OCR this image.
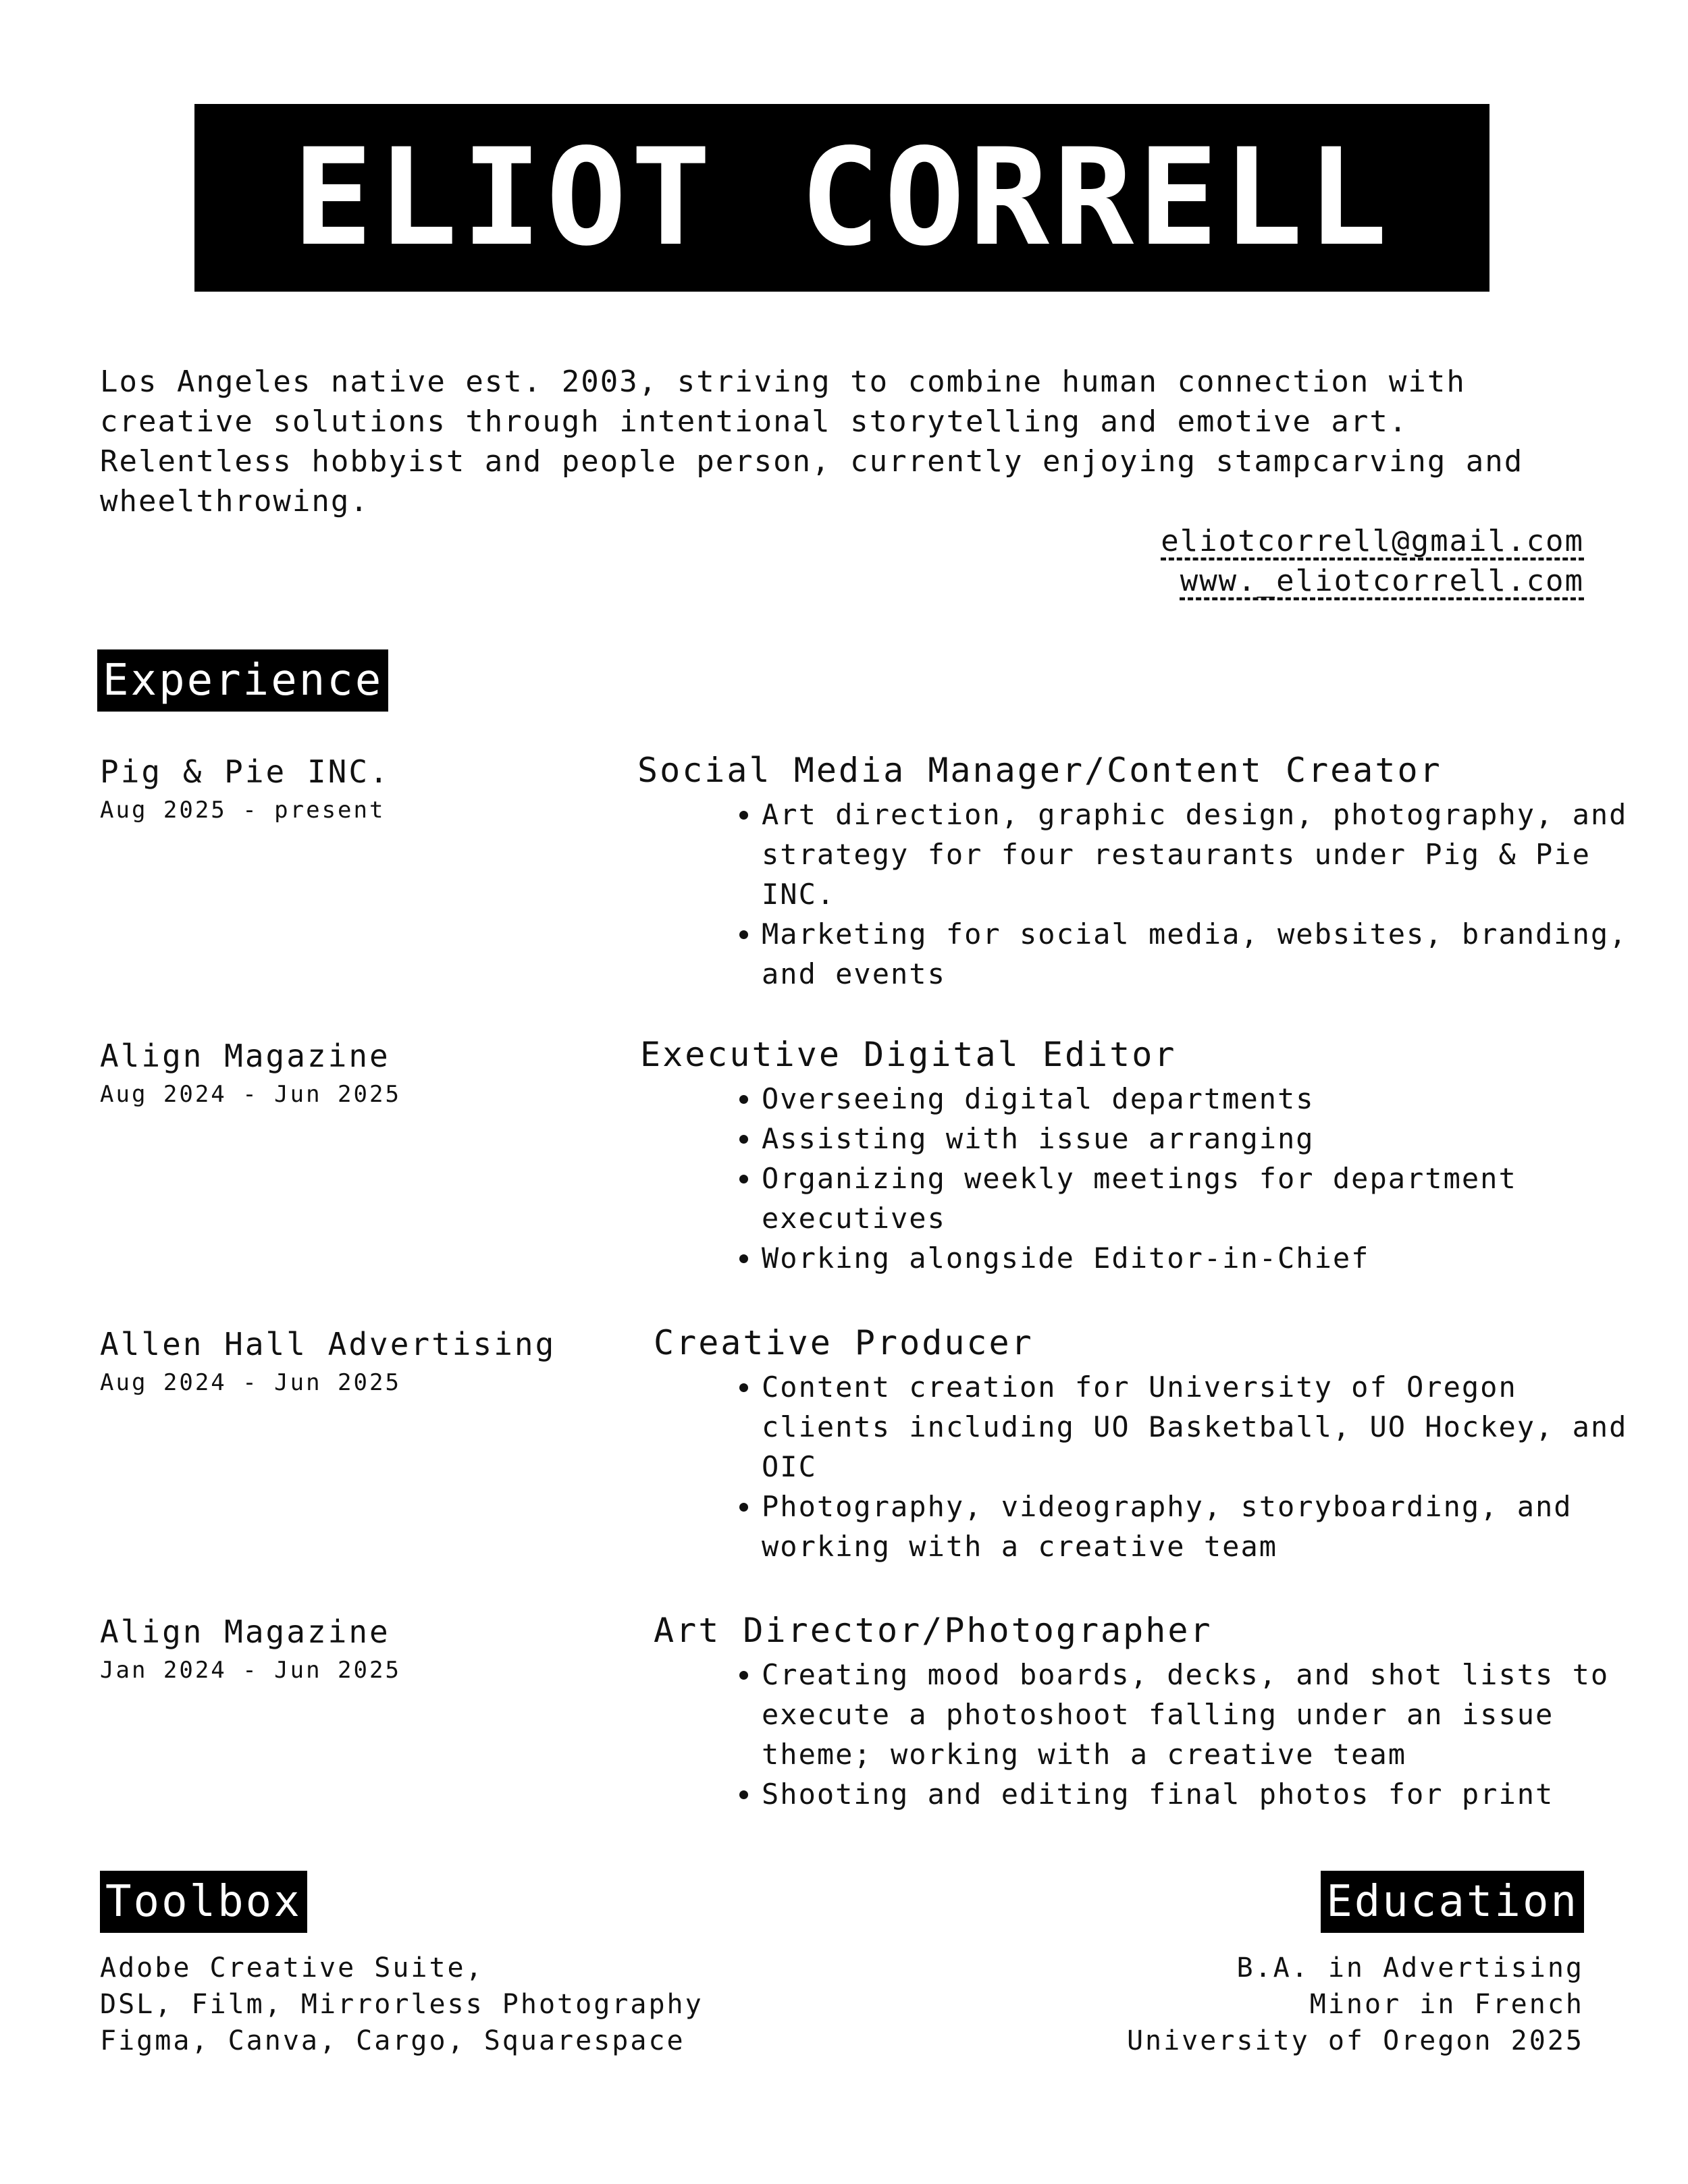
ELIOT CORRELL

Los Angeles native est. 2003, striving to combine human connection with creative solutions through intentional storytelling and emotive art. Relentless hobbyist and people person, currently enjoying stampcarving and wheelthrowing.

eliotcorrell@gmail.com
www._eliotcorrell.com
Experience
Pig & Pie INC.
Aug 2025 - present
Social Media Manager/Content Creator
• Art direction, graphic design, photography, and strategy for four restaurants under Pig & Pie INC.
• Marketing for social media, websites, branding, and events
Align Magazine
Aug 2024 - Jun 2025
Executive Digital Editor
• Overseeing digital departments
• Assisting with issue arranging
• Organizing weekly meetings for department executives
• Working alongside Editor-in-Chief
Allen Hall Advertising
Aug 2024 - Jun 2025
Creative Producer
• Content creation for University of Oregon clients including UO Basketball, UO Hockey, and OIC
• Photography, videography, storyboarding, and working with a creative team
Align Magazine
Jan 2024 - Jun 2025
Art Director/Photographer
• Creating mood boards, decks, and shot lists to execute a photoshoot falling under an issue theme; working with a creative team
• Shooting and editing final photos for print
Toolbox
Adobe Creative Suite,
DSL, Film, Mirrorless Photography
Figma, Canva, Cargo, Squarespace
Education
B.A. in Advertising
Minor in French
University of Oregon 2025
